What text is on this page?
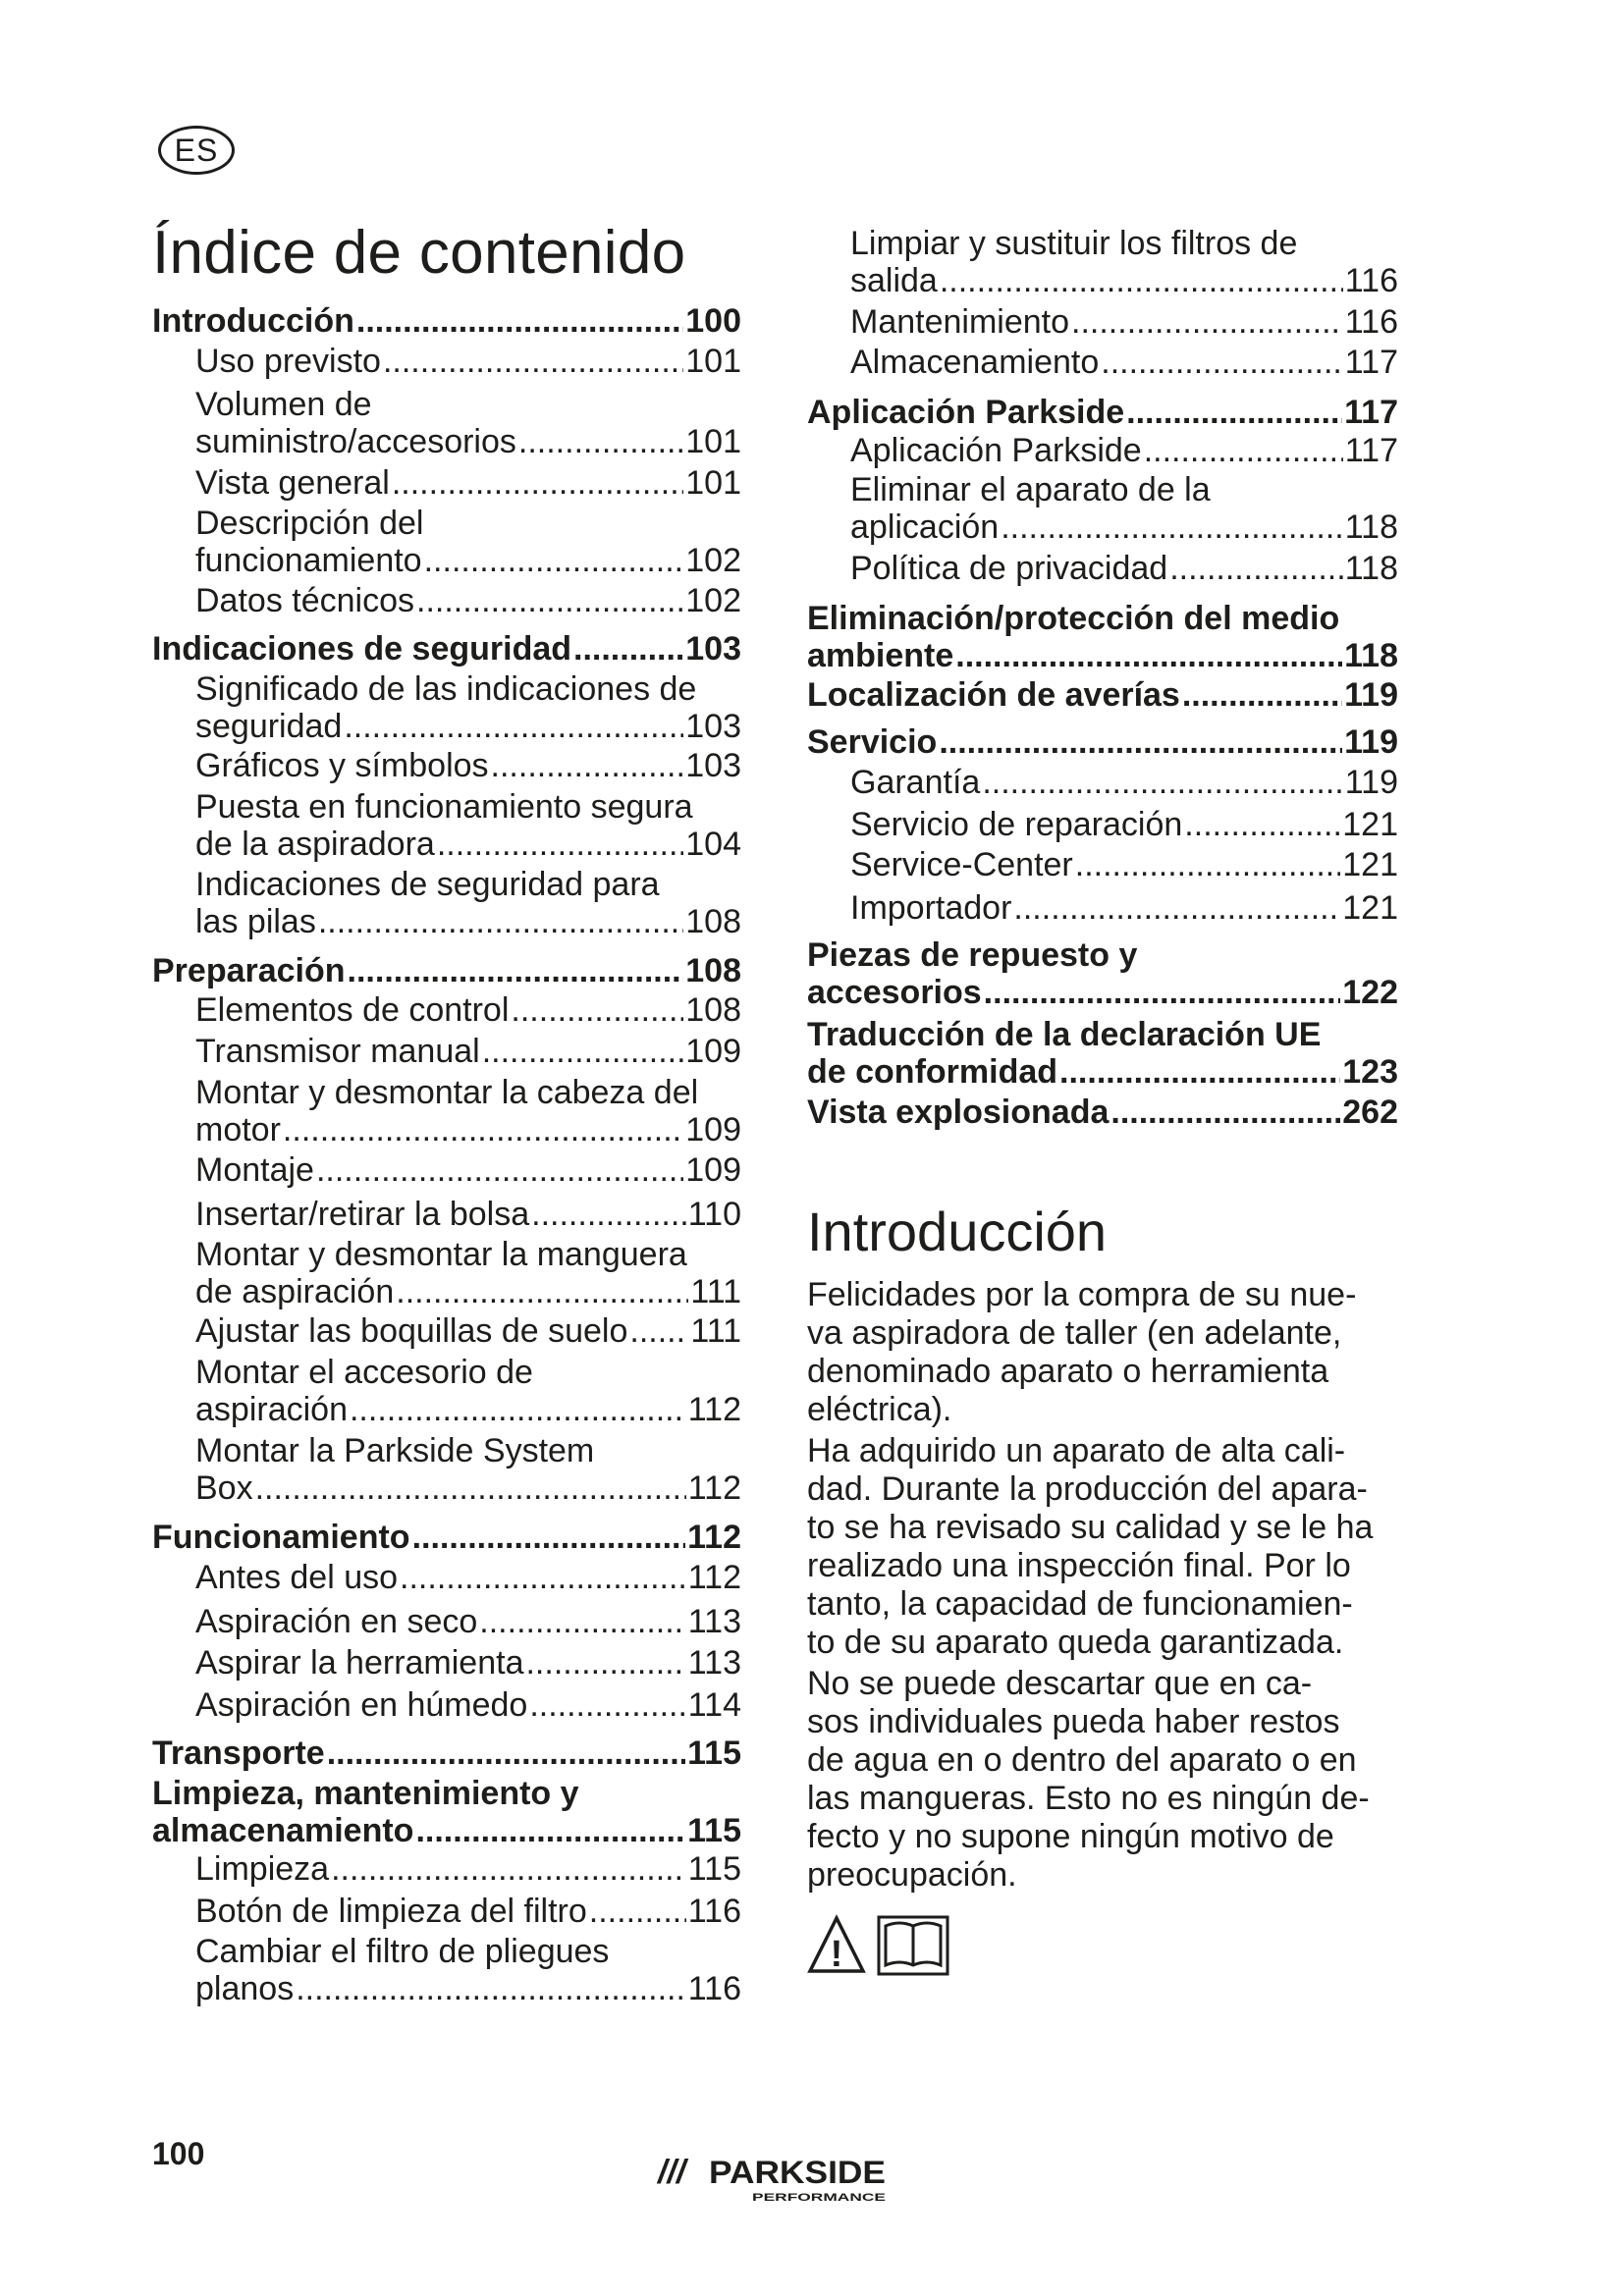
ES
Índice de contenido
Introducción .....	100
Uso previsto .....	101
Volumen de
suministro/accesorios .....	101
Vista general .....	101
Descripción del
funcionamiento .....	102
Datos técnicos .....	102
Indicaciones de seguridad .....	103
Significado de las indicaciones de
seguridad .....	103
Gráficos y símbolos .....	103
Puesta en funcionamiento segura
de la aspiradora .....	104
Indicaciones de seguridad para
las pilas .....	108
Preparación .....	108
Elementos de control .....	108
Transmisor manual .....	109
Montar y desmontar la cabeza del
motor .....	109
Montaje .....	109
Insertar/retirar la bolsa .....	110
Montar y desmontar la manguera
de aspiración .....	111
Ajustar las boquillas de suelo ..... 111
Montar el accesorio de
aspiración .....	112
Montar la Parkside System
Box .....	112
Funcionamiento .....	112
Antes del uso .....	112
Aspiración en seco .....	113
Aspirar la herramienta .....	113
Aspiración en húmedo .....	114
Transporte .....	115
Limpieza, mantenimiento y
almacenamiento .....	115
Limpieza .....	115
Botón de limpieza del filtro .....	116
Cambiar el filtro de pliegues
planos .....	116
Limpiar y sustituir los filtros de
salida .....	116
Mantenimiento .....	116
Almacenamiento .....	117
Aplicación Parkside .....	117
Aplicación Parkside .....	117
Eliminar el aparato de la
aplicación .....	118
Política de privacidad .....	118
Eliminación/protección del medio
ambiente .....	118
Localización de averías .....	119
Servicio .....	119
Garantía .....	119
Servicio de reparación .....	121
Service-Center .....	121
Importador .....	121
Piezas de repuesto y
accesorios .....	122
Traducción de la declaración UE
de conformidad .....	123
Vista explosionada .....	262
Introducción

Felicidades por la compra de su nue-
va aspiradora de taller (en adelante,
denominado aparato o herramienta
eléctrica).

Ha adquirido un aparato de alta cali-
dad. Durante la producción del apara-
to se ha revisado su calidad y se le ha
realizado una inspección final. Por lo
tanto, la capacidad de funcionamien-
to de su aparato queda garantizada.

No se puede descartar que en ca-
sos individuales pueda haber restos
de agua en o dentro del aparato o en
las mangueras. Esto no es ningún de-
fecto y no supone ningún motivo de
preocupación.

!
100	/// PARKSIDE
PERFORMANCE
